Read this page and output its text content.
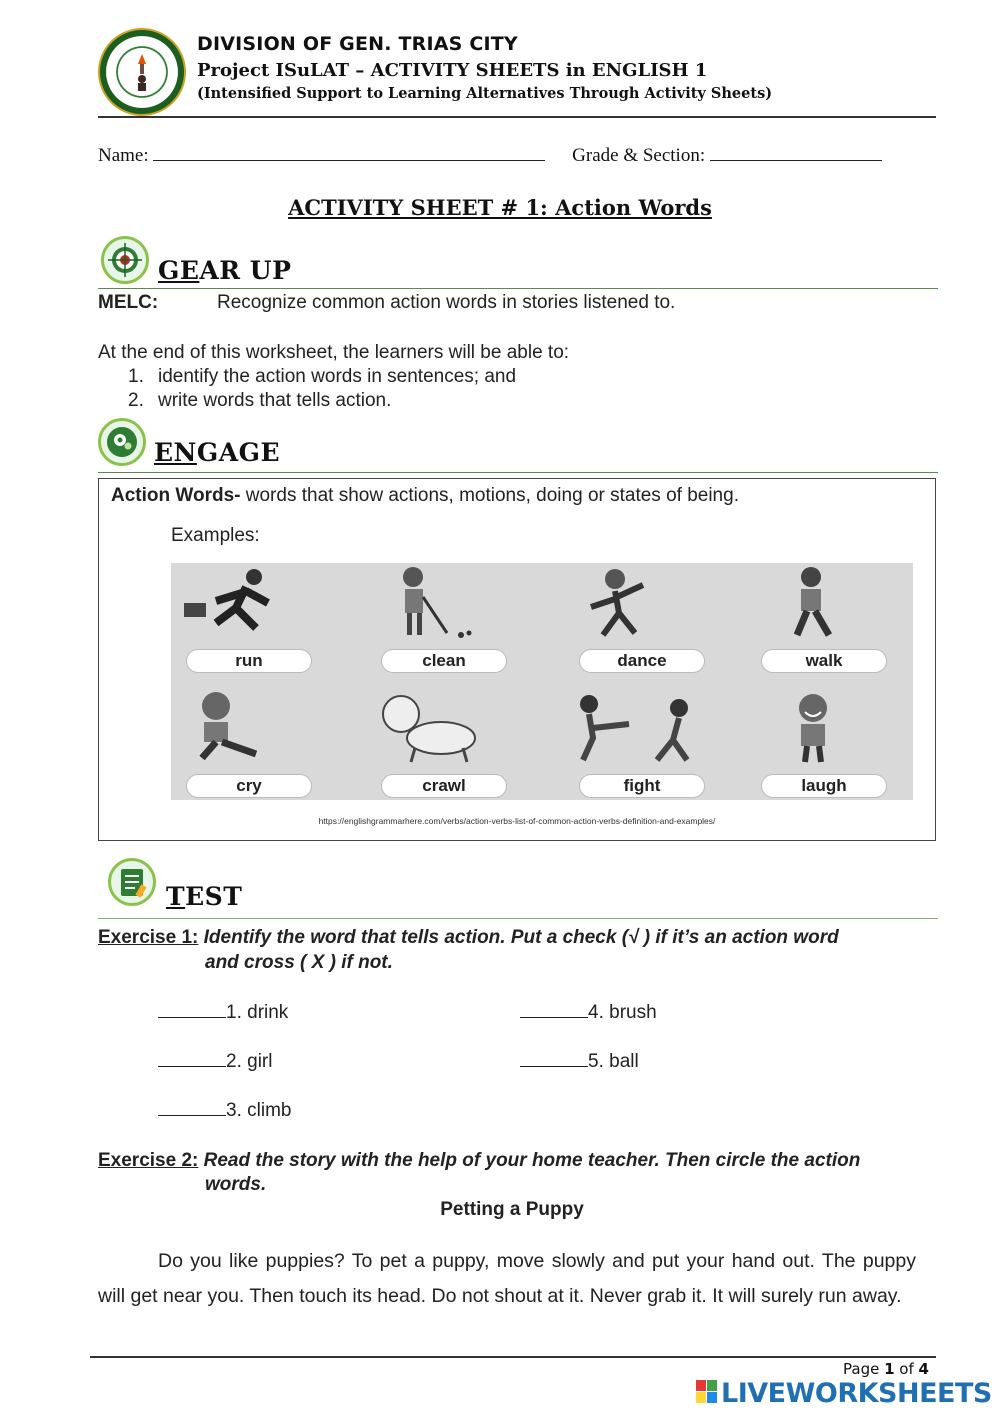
DIVISION OF GEN. TRIAS CITY
Project ISuLAT – ACTIVITY SHEETS in ENGLISH 1
(Intensified Support to Learning Alternatives Through Activity Sheets)
Name:	Grade & Section:
ACTIVITY SHEET # 1: Action Words
GEAR UP
MELC:	Recognize common action words in stories listened to.
At the end of this worksheet, the learners will be able to:
1. identify the action words in sentences; and
2. write words that tells action.
ENGAGE
Action Words- words that show actions, motions, doing or states of being.
Examples:
run	clean	dance	walk
cry	crawl	fight	laugh
https://englishgrammarhere.com/verbs/action-verbs-list-of-common-action-verbs-definition-and-examples/
TEST
Exercise 1: Identify the word that tells action. Put a check (√ ) if it’s an action word
and cross ( X ) if not.
1. drink	4. brush
2. girl	5. ball
3. climb
Exercise 2: Read the story with the help of your home teacher. Then circle the action
words.
Petting a Puppy
Do you like puppies? To pet a puppy, move slowly and put your hand out. The puppy will get near you. Then touch its head. Do not shout at it. Never grab it. It will surely run away.
Page 1 of 4
LIVEWORKSHEETS
